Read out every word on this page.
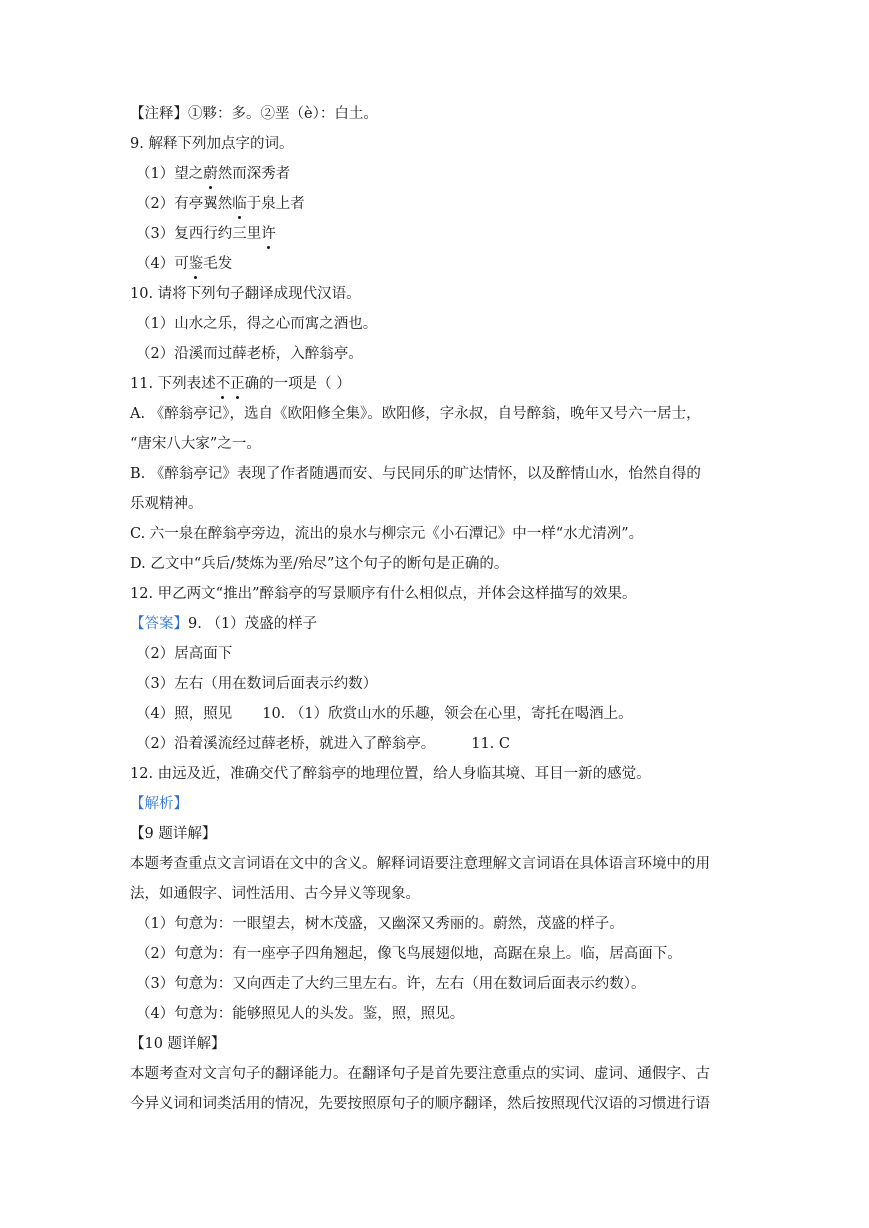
【注释】①夥：多。②垩（è）：白土。
9. 解释下列加点字的词。
（1）望之蔚然而深秀者
（2）有亭翼然临于泉上者
（3）复西行约三里许
（4）可鉴毛发
10. 请将下列句子翻译成现代汉语。
（1）山水之乐，得之心而寓之酒也。
（2）沿溪而过薛老桥，入醉翁亭。
11. 下列表述不正确的一项是（ ）
A. 《醉翁亭记》，选自《欧阳修全集》。欧阳修，字永叔，自号醉翁，晚年又号六一居士，
“唐宋八大家”之一。
B. 《醉翁亭记》表现了作者随遇而安、与民同乐的旷达情怀，以及醉情山水，怡然自得的
乐观精神。
C. 六一泉在醉翁亭旁边，流出的泉水与柳宗元《小石潭记》中一样“水尤清冽”。
D. 乙文中“兵后/焚炼为垩/殆尽”这个句子的断句是正确的。
12. 甲乙两文“推出”醉翁亭的写景顺序有什么相似点，并体会这样描写的效果。
【答案】9. （1）茂盛的样子
（2）居高面下
（3）左右（用在数词后面表示约数）
（4）照，照见 10. （1）欣赏山水的乐趣，领会在心里，寄托在喝酒上。
（2）沿着溪流经过薛老桥，就进入了醉翁亭。 11. C
12. 由远及近，准确交代了醉翁亭的地理位置，给人身临其境、耳目一新的感觉。
【解析】
【9 题详解】
本题考查重点文言词语在文中的含义。解释词语要注意理解文言词语在具体语言环境中的用
法，如通假字、词性活用、古今异义等现象。
（1）句意为：一眼望去，树木茂盛，又幽深又秀丽的。蔚然，茂盛的样子。
（2）句意为：有一座亭子四角翘起，像飞鸟展翅似地，高踞在泉上。临，居高面下。
（3）句意为：又向西走了大约三里左右。许，左右（用在数词后面表示约数）。
（4）句意为：能够照见人的头发。鉴，照，照见。
【10 题详解】
本题考查对文言句子的翻译能力。在翻译句子是首先要注意重点的实词、虚词、通假字、古
今异义词和词类活用的情况，先要按照原句子的顺序翻译，然后按照现代汉语的习惯进行语
